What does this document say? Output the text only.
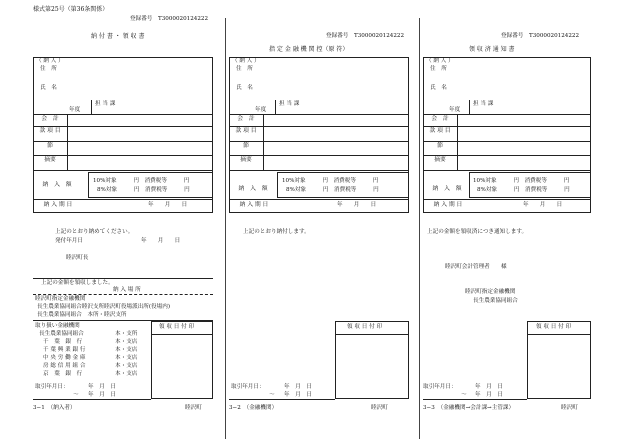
様式第25号（第36条関係）
登録番号　 T3000020124222
納 付 書 ・ 領 収 書
（ 納 人 ）
住　所
氏　名
年度
担 当 課
会　計
款 項 目
節
摘要
納　入　額
10%対象　　　円　消費税等　　　円
8%対象　　　円　消費税等　　　円
納 入 期 日	年　　月　　日
上記のとおり納めてください。
発付年月日	年　　月　　日
睦沢町長
上記の金額を領収しました。
納 入 場 所
睦沢町指定金融機関
長生農業協同組合睦沢支所睦沢町役場派出所(役場内)
長生農業協同組合　本所・睦沢支所
取り扱い金融機関
長生農業協同組合	本・支所
千　葉　銀　行	本・支店
千 葉 興 業 銀 行	本・支店
中 央 労 働 金 庫	本・支店
房 総 信 用 組 合	本・支店
京　葉　銀　行	本・支店
領 収 日 付 印
取引年月日：	年　月　日
〜 年　月　日
3−1　 （納入者）	睦沢町
登録番号　 T3000020124222
指 定 金 融 機 関 控（原 符）
（ 納 人 ）
住　所
氏　名
年度
担 当 課
会　計
款 項 目
節
摘要
納　入　額
10%対象　　　円　消費税等　　　円
8%対象　　　円　消費税等　　　円
納 入 期 日	年　　月　　日
上記のとおり納付します。
領 収 日 付 印
取引年月日：	年　月　日
〜 年　月　日
3−2　 （金融機関）	睦沢町
登録番号　 T3000020124222
領 収 済 通 知 書
（ 納 人 ）
住　所
氏　名
年度
担 当 課
会　計
款 項 目
節
摘要
納　入　額
10%対象　　　円　消費税等　　　円
8%対象　　　円　消費税等　　　円
納 入 期 日	年　　月　　日
上記の金額を領収済につき通知します。
睦沢町会計管理者　　様
睦沢町指定金融機関
長生農業協同組合
領 収 日 付 印
取引年月日：	年　月　日
〜 年　月　日
3−3　 （金融機関→会計課→主管課）	睦沢町
